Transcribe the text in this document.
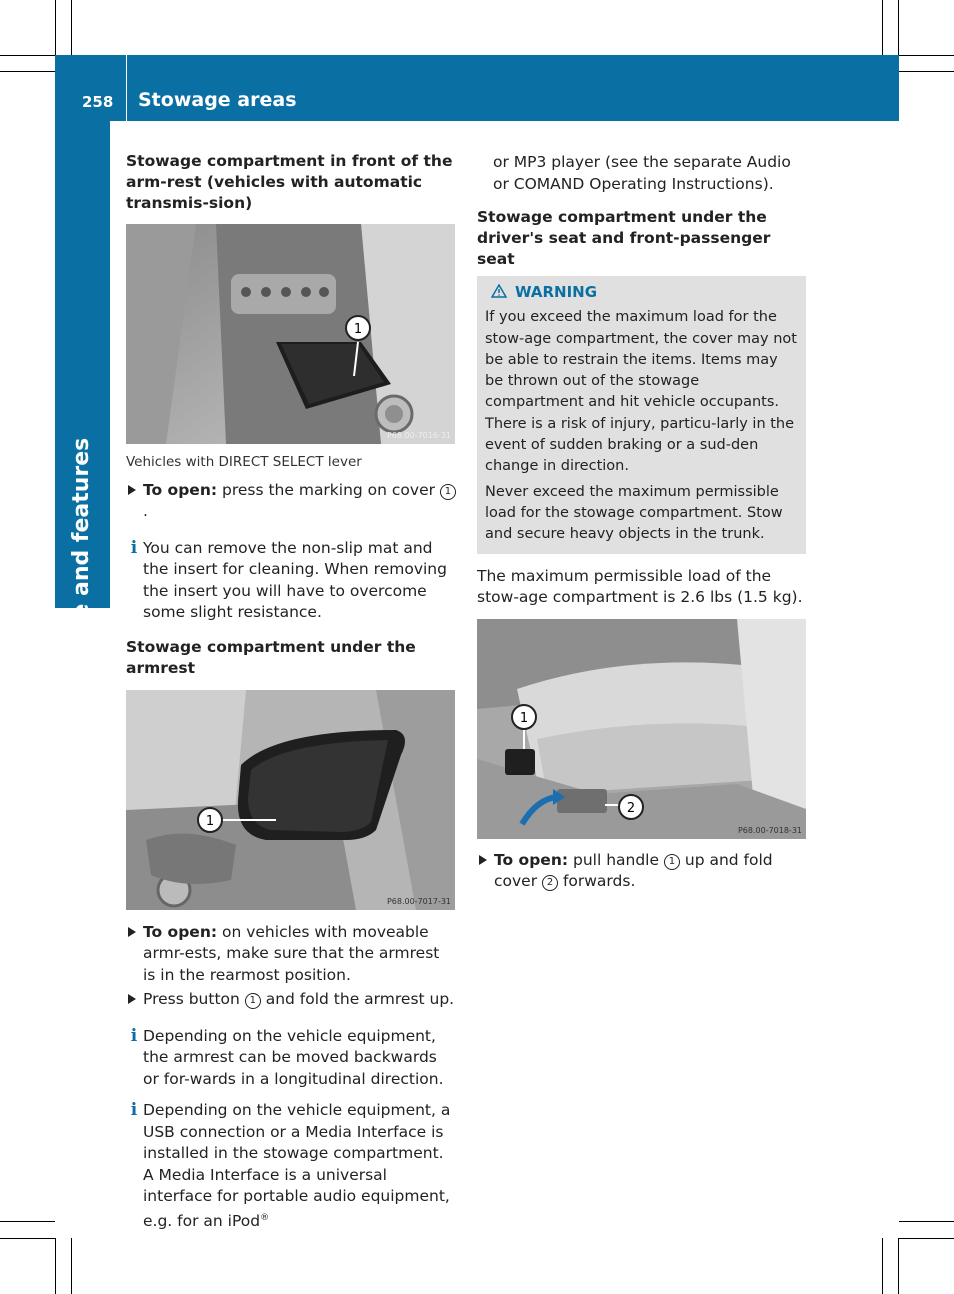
258 Stowage areas
Stowage and features

Stowage compartment in front of the arm-rest (vehicles with automatic transmis-sion)

1
P68.00-7016-31

Vehicles with DIRECT SELECT lever

To open: press the marking on cover 1.
i You can remove the non-slip mat and the insert for cleaning. When removing the insert you will have to overcome some slight resistance.

Stowage compartment under the armrest

1
P68.00-7017-31
To open: on vehicles with moveable armr-ests, make sure that the armrest is in the rearmost position.
Press button 1 and fold the armrest up.
i Depending on the vehicle equipment, the armrest can be moved backwards or for-wards in a longitudinal direction.
i Depending on the vehicle equipment, a USB connection or a Media Interface is installed in the stowage compartment. A Media Interface is a universal interface for portable audio equipment, e.g. for an iPod®

or MP3 player (see the separate Audio or COMAND Operating Instructions).

Stowage compartment under the driver's seat and front-passenger seat

WARNING

If you exceed the maximum load for the stow-age compartment, the cover may not be able to restrain the items. Items may be thrown out of the stowage compartment and hit vehicle occupants. There is a risk of injury, particu-larly in the event of sudden braking or a sud-den change in direction.

Never exceed the maximum permissible load for the stowage compartment. Stow and secure heavy objects in the trunk.

The maximum permissible load of the stow-age compartment is 2.6 lbs (1.5 kg).

1
2
P68.00-7018-31
To open: pull handle 1 up and fold cover 2 forwards.
